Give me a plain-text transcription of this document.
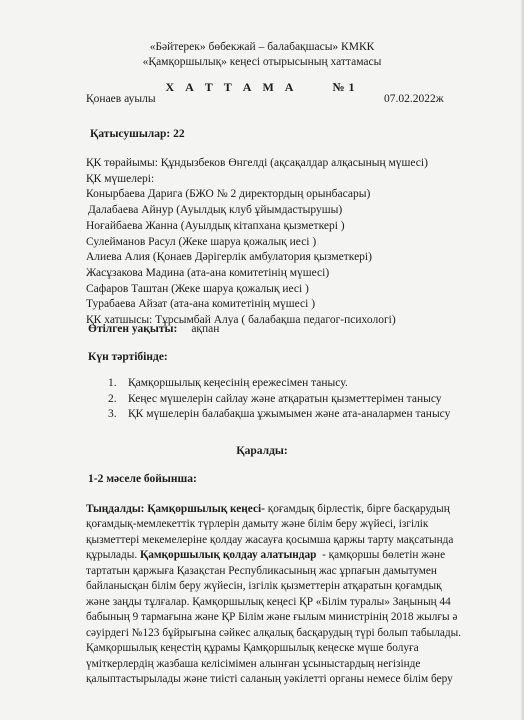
«Бәйтерек» бөбекжай – балабақшасы» КМКК
«Қамқоршылық» кеңесі отырысының хаттамасы
Х А Т Т А М А     №1
Қонаев ауылы	07.02.2022ж
Қатысушылар: 22
ҚК төрайымы: Құндызбеков Өнгелді (ақсақалдар алқасының мүшесі)
ҚК мүшелері:
Конырбаева Дарига (БЖО № 2 директордың орынбасары)
Далабаева Айнур (Ауылдық клуб ұйымдастырушы)
Ноғайбаева Жанна (Ауылдық кітапхана қызметкері )
Сулейманов Расул (Жеке шаруа қожалық иесі )
Алиева Алия (Қонаев Дәрігерлік амбулатория қызметкері)
Жасұзакова Мадина (ата-ана комитетінің мүшесі)
Сафаров Таштан (Жеке шаруа қожалық иесі )
Турабаева Айзат (ата-ана комитетінің мүшесі )
ҚК хатшысы: Тұрсымбай Алуа ( балабақша педагог-психологі)
Өтілген уақыты: ақпан
Күн тәртібінде:
1. Қамқоршылық кеңесінің ережесімен танысу.
2. Кеңес мүшелерін сайлау және атқаратын қызметтерімен танысу
3. ҚК мүшелерін балабақша ұжымымен және ата-аналармен танысу
Қаралды:
1-2 мәселе бойынша:
Тыңдалды: Қамқоршылық кеңесі- қоғамдық бірлестік, бірге басқарудың
қоғамдық-мемлекеттік түрлерін дамыту және білім беру жүйесі, ізгілік
қызметтері мекемелеріне қолдау жасауға қосымша қаржы тарту мақсатында
құрылады. Қамқоршылық қолдау алатындар  - қамқоршы бөлетін және
тартатын қаржыға Қазақстан Республикасының жас ұрпағын дамытумен
байланысқан білім беру жүйесін, ізгілік қызметтерін атқаратын қоғамдық
және заңды тұлғалар. Қамқоршылық кеңесі ҚР «Білім туралы» Заңының 44
бабының 9 тармағына және ҚР Білім және ғылым министрінің 2018 жылғы ә
сәуірдегі №123 бұйрығына сәйкес алқалық басқарудың түрі болып табылады.
Қамқоршылық кеңестің құрамы Қамқоршылық кеңеске мүше болуға
үміткерлердің жазбаша келісімімен алынған ұсыныстардың негізінде
қалыптастырылады және тиісті саланың уәкілетті органы немесе білім беру
